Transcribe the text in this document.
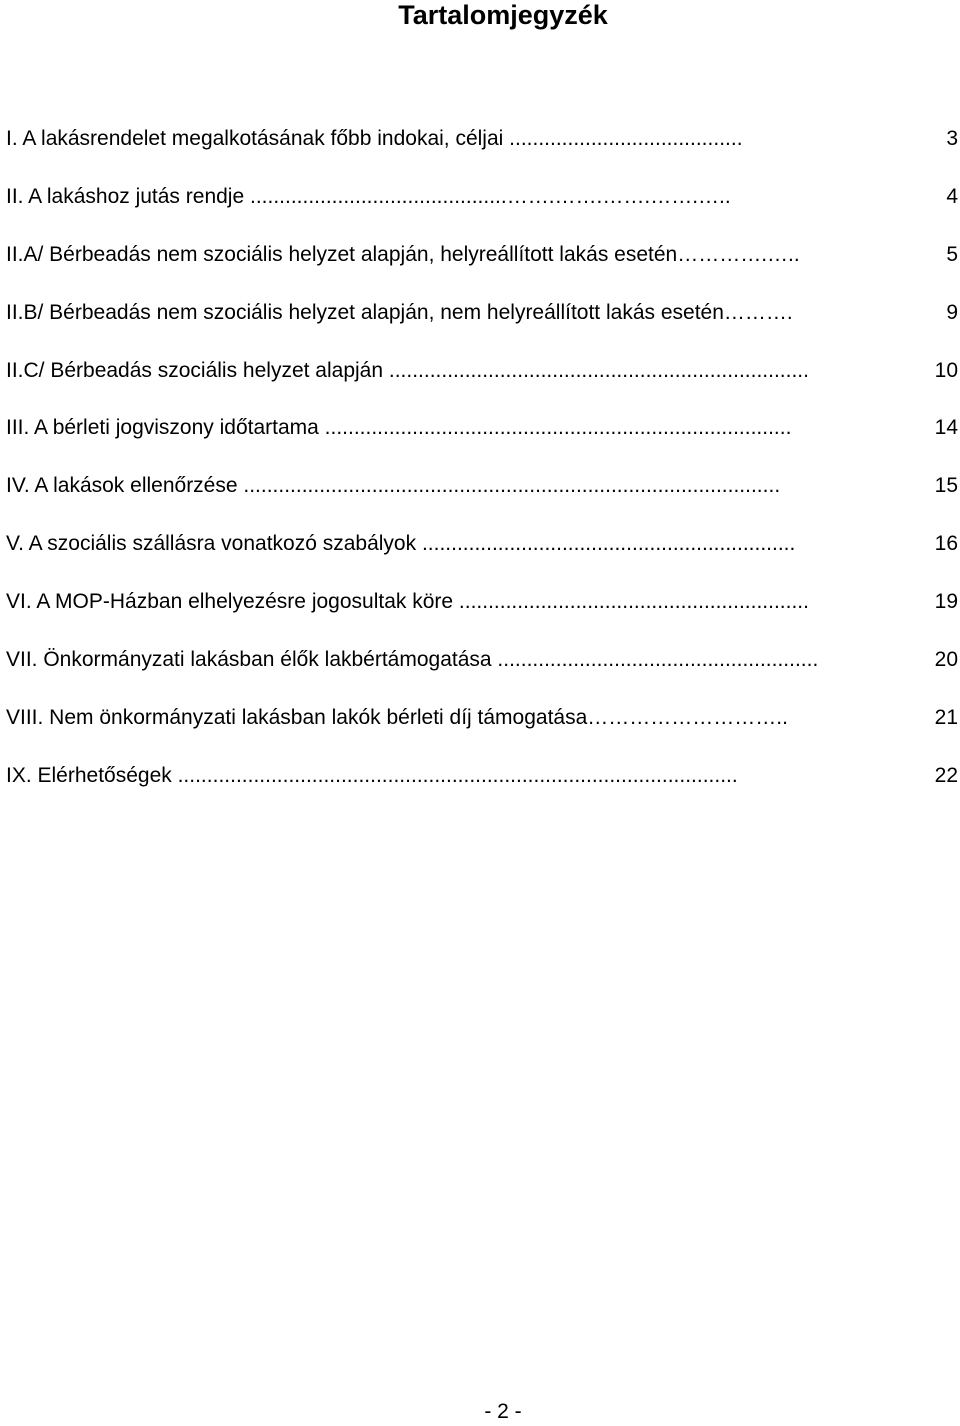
Tartalomjegyzék
I. A lakásrendelet megalkotásának főbb indokai, céljai ........................................	3
II. A lakáshoz jutás rendje ............................................…….…….…….…….…..	4
II.A/ Bérbeadás nem szociális helyzet alapján, helyreállított lakás esetén………….…..	5
II.B/ Bérbeadás nem szociális helyzet alapján, nem helyreállított lakás esetén……….	9
II.C/ Bérbeadás szociális helyzet alapján ........................................................................	10
III. A bérleti jogviszony időtartama ................................................................................	14
IV. A lakások ellenőrzése ............................................................................................	15
V. A szociális szállásra vonatkozó szabályok ................................................................	16
VI. A MOP-Házban elhelyezésre jogosultak köre ............................................................	19
VII. Önkormányzati lakásban élők lakbértámogatása .......................................................	20
VIII. Nem önkormányzati lakásban lakók bérleti díj támogatása………………………..	21
IX. Elérhetőségek ................................................................................................	22
- 2 -
